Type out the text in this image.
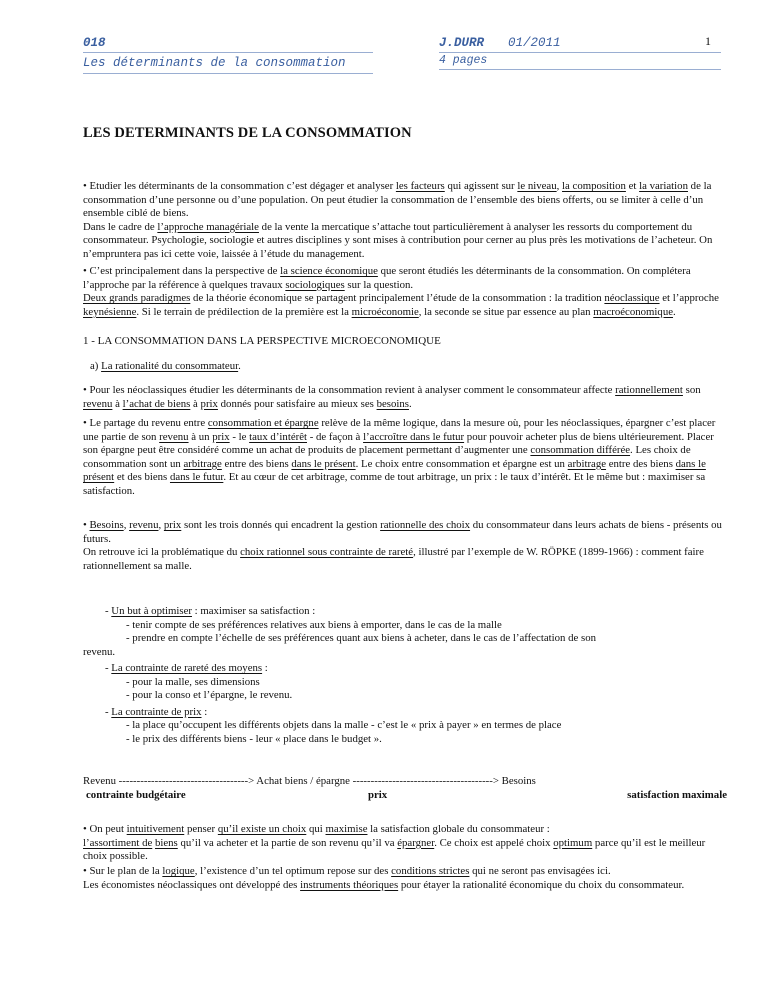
018	J.DURR 01/2011	1
Les déterminants de la consommation	4 pages
LES DETERMINANTS DE LA CONSOMMATION

• Etudier les déterminants de la consommation c’est dégager et analyser les facteurs qui agissent sur le niveau, la composition et la variation de la consommation d’une personne ou d’une population. On peut étudier la consommation de l’ensemble des biens offerts, ou se limiter à celle d’un ensemble ciblé de biens.

Dans le cadre de l’approche managériale de la vente la mercatique s’attache tout particulièrement à analyser les ressorts du comportement du consommateur. Psychologie, sociologie et autres disciplines y sont mises à contribution pour cerner au plus près les motivations de l’acheteur. On n’empruntera pas ici cette voie, laissée à l’étude du management.

• C’est principalement dans la perspective de la science économique que seront étudiés les déterminants de la consommation. On complétera l’approche par la référence à quelques travaux sociologiques sur la question.

Deux grands paradigmes de la théorie économique se partagent principalement l’étude de la consommation : la tradition néoclassique et l’approche keynésienne. Si le terrain de prédilection de la première est la microéconomie, la seconde se situe par essence au plan macroéconomique.

1 - LA CONSOMMATION DANS LA PERSPECTIVE MICROECONOMIQUE
a) La rationalité du consommateur.

• Pour les néoclassiques étudier les déterminants de la consommation revient à analyser comment le consommateur affecte rationnellement son revenu à l’achat de biens à prix donnés pour satisfaire au mieux ses besoins.

• Le partage du revenu entre consommation et épargne relève de la même logique, dans la mesure où, pour les néoclassiques, épargner c’est placer une partie de son revenu à un prix - le taux d’intérêt - de façon à l’accroître dans le futur pour pouvoir acheter plus de biens ultérieurement. Placer son épargne peut être considéré comme un achat de produits de placement permettant d’augmenter une consommation différée. Les choix de consommation sont un arbitrage entre des biens dans le présent. Le choix entre consommation et épargne est un arbitrage entre des biens dans le présent et des biens dans le futur. Et au cœur de cet arbitrage, comme de tout arbitrage, un prix : le taux d’intérêt. Et le même but : maximiser sa satisfaction.

• Besoins, revenu, prix sont les trois donnés qui encadrent la gestion rationnelle des choix du consommateur dans leurs achats de biens - présents ou futurs.

On retrouve ici la problématique du choix rationnel sous contrainte de rareté, illustré par l’exemple de W. RÖPKE (1899-1966) : comment faire rationnellement sa malle.

- Un but à optimiser : maximiser sa satisfaction :

- tenir compte de ses préférences relatives aux biens à emporter, dans le cas de la malle

- prendre en compte l’échelle de ses préférences quant aux biens à acheter, dans le cas de l’affectation de son

revenu.

- La contrainte de rareté des moyens :

- pour la malle, ses dimensions

- pour la conso et l’épargne, le revenu.

- La contrainte de prix :

- la place qu’occupent les différents objets dans la malle - c’est le « prix à payer » en termes de place

- le prix des différents biens - leur « place dans le budget ».

Revenu ------------------------------------> Achat biens / épargne ---------------------------------------> Besoins
contrainte budgétaire	prix	satisfaction maximale

• On peut intuitivement penser qu’il existe un choix qui maximise la satisfaction globale du consommateur :

l’assortiment de biens qu’il va acheter et la partie de son revenu qu’il va épargner. Ce choix est appelé choix optimum parce qu’il est le meilleur choix possible.

• Sur le plan de la logique, l’existence d’un tel optimum repose sur des conditions strictes qui ne seront pas envisagées ici.

Les économistes néoclassiques ont développé des instruments théoriques pour étayer la rationalité économique du choix du consommateur.
